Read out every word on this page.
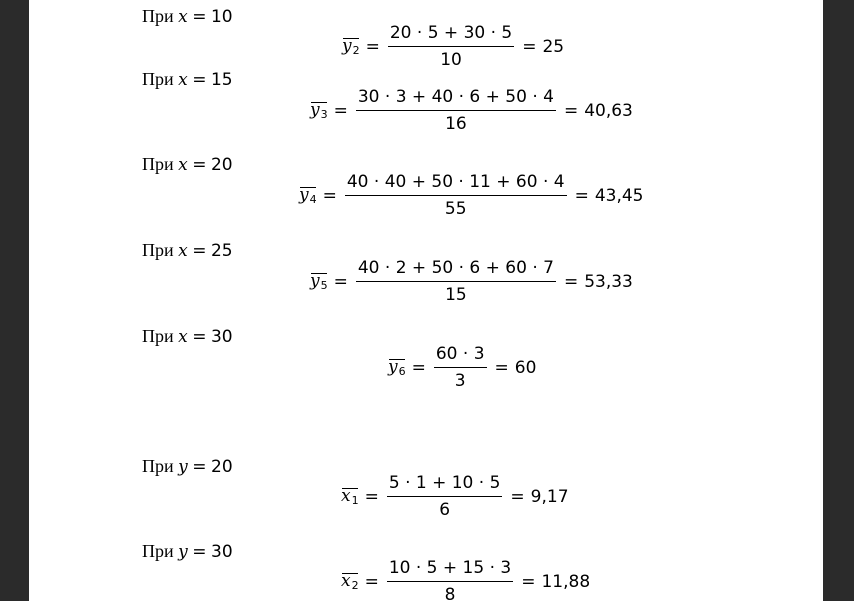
При x = 10
$y_2 = \frac{20 \cdot 5 + 30 \cdot 5}{10} = 25$
При x = 15
$y_3 = \frac{30 \cdot 3 + 40 \cdot 6 + 50 \cdot 4}{16} = 40,63$
При x = 20
$y_4 = \frac{40 \cdot 40 + 50 \cdot 11 + 60 \cdot 4}{55} = 43,45$
При x = 25
$y_5 = \frac{40 \cdot 2 + 50 \cdot 6 + 60 \cdot 7}{15} = 53,33$
При x = 30
$y_6 = \frac{60 \cdot 3}{3} = 60$
При y = 20
$x_1 = \frac{5 \cdot 1 + 10 \cdot 5}{6} = 9,17$
При y = 30
$x_2 = \frac{10 \cdot 5 + 15 \cdot 3}{8} = 11,88$
